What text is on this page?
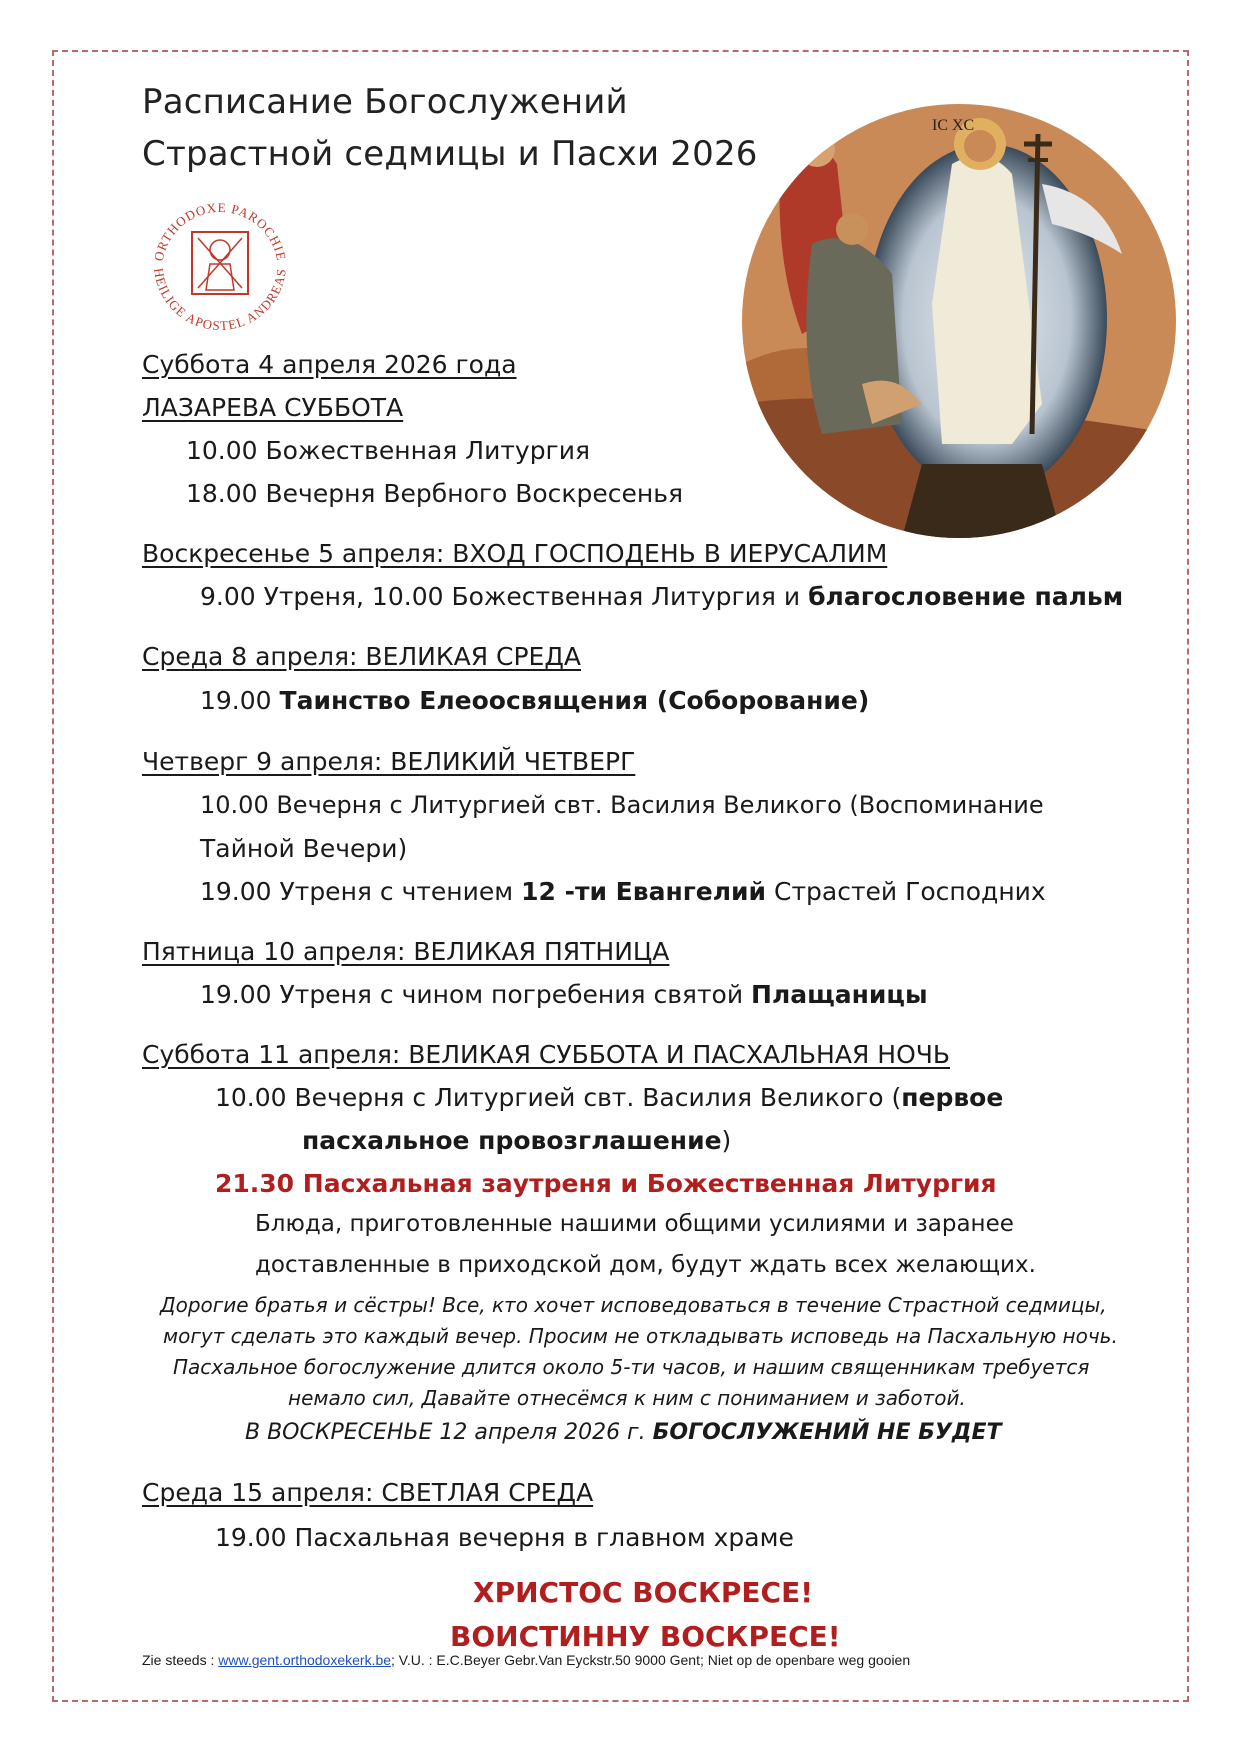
Расписание Богослужений
Страстной седмицы и Пасхи 2026
ORTHODOXE PAROCHIE
HEILIGE APOSTEL ANDREAS
IC XC
Суббота 4 апреля 2026 года
ЛАЗАРЕВА СУББОТА
10.00 Божественная Литургия
18.00 Вечерня Вербного Воскресенья
Воскресенье 5 апреля: ВХОД ГОСПОДЕНЬ В ИЕРУСАЛИМ
9.00 Утреня, 10.00 Божественная Литургия и благословение пальм
Среда 8 апреля: ВЕЛИКАЯ СРЕДА
19.00 Таинство Елеоосвящения (Соборование)
Четверг 9 апреля: ВЕЛИКИЙ ЧЕТВЕРГ
10.00 Вечерня с Литургией свт. Василия Великого (Воспоминание
Тайной Вечери)
19.00 Утреня с чтением 12 -ти Евангелий Страстей Господних
Пятница 10 апреля: ВЕЛИКАЯ ПЯТНИЦА
19.00 Утреня с чином погребения святой Плащаницы
Суббота 11 апреля: ВЕЛИКАЯ СУББОТА И ПАСХАЛЬНАЯ НОЧЬ
10.00 Вечерня с Литургией свт. Василия Великого (первое
пасхальное провозглашение)
21.30 Пасхальная заутреня и Божественная Литургия
Блюда, приготовленные нашими общими усилиями и заранее
доставленные в приходской дом, будут ждать всех желающих.
Дорогие братья и сёстры! Все, кто хочет исповедоваться в течение Страстной седмицы,
могут сделать это каждый вечер. Просим не откладывать исповедь на Пасхальную ночь.
Пасхальное богослужение длится около 5-ти часов, и нашим священникам требуется
немало сил, Давайте отнесёмся к ним с пониманием и заботой.
В ВОСКРЕСЕНЬЕ 12 апреля 2026 г. БОГОСЛУЖЕНИЙ НЕ БУДЕТ
Среда 15 апреля: СВЕТЛАЯ СРЕДА
19.00 Пасхальная вечерня в главном храме
ХРИСТОС ВОСКРЕСЕ!
ВОИСТИННУ ВОСКРЕСЕ!
Zie steeds : www.gent.orthodoxekerk.be; V.U. : E.C.Beyer Gebr.Van Eyckstr.50 9000 Gent; Niet op de openbare weg gooien
